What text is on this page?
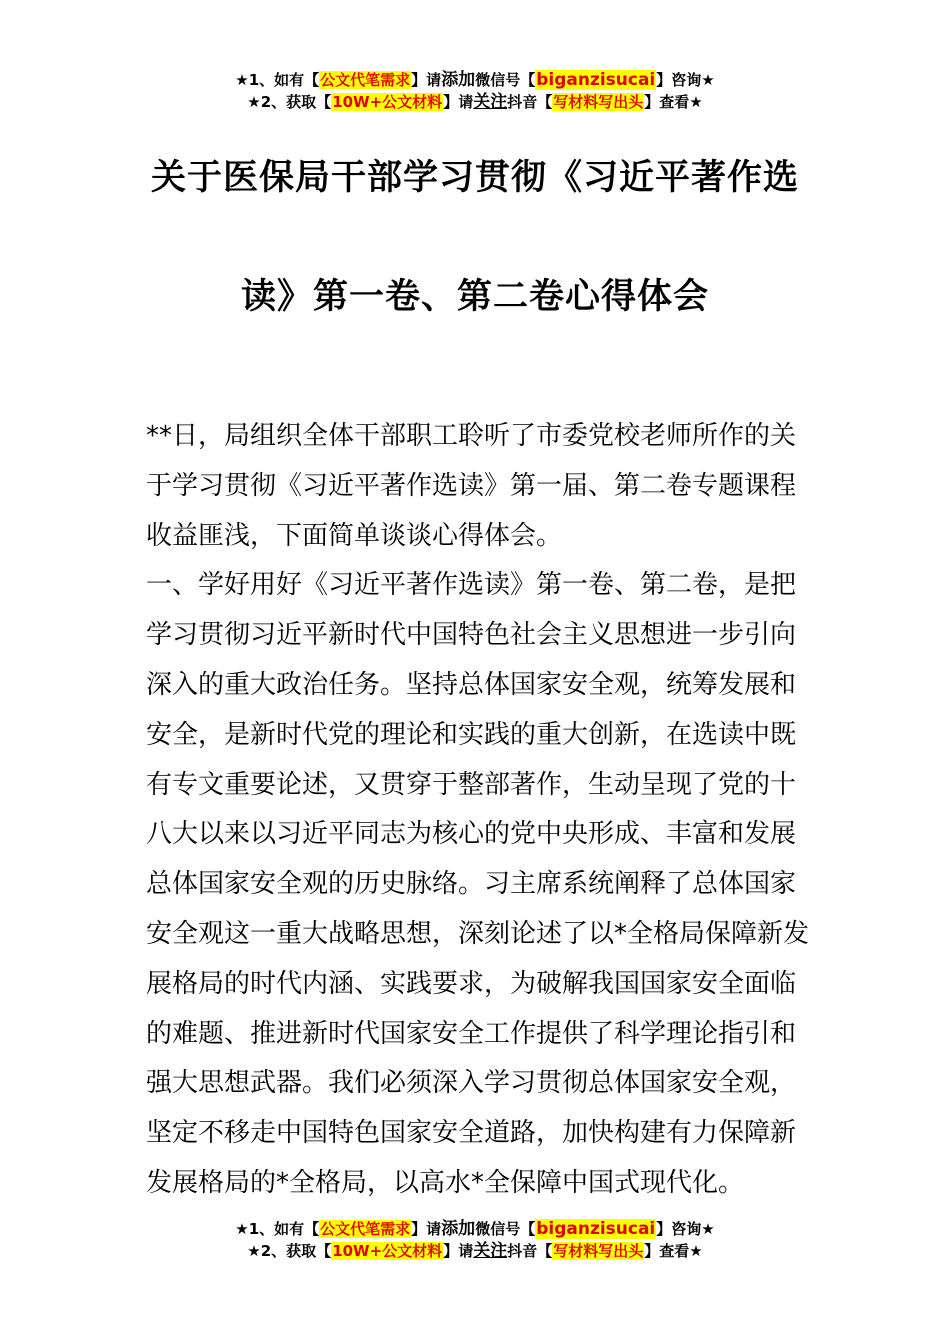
★1、如有【公文代笔需求】请添加微信号【biganzisucai】咨询★
★2、获取【10W+公文材料】请关注抖音【写材料写出头】查看★
关于医保局干部学习贯彻《习近平著作选
读》第一卷、第二卷心得体会

**日，局组织全体干部职工聆听了市委党校老师所作的关于学习贯彻《习近平著作选读》第一届、第二卷专题课程收益匪浅，下面简单谈谈心得体会。

一、学好用好《习近平著作选读》第一卷、第二卷，是把学习贯彻习近平新时代中国特色社会主义思想进一步引向深入的重大政治任务。坚持总体国家安全观，统筹发展和安全，是新时代党的理论和实践的重大创新，在选读中既有专文重要论述，又贯穿于整部著作，生动呈现了党的十八大以来以习近平同志为核心的党中央形成、丰富和发展总体国家安全观的历史脉络。习主席系统阐释了总体国家安全观这一重大战略思想，深刻论述了以*全格局保障新发展格局的时代内涵、实践要求，为破解我国国家安全面临的难题、推进新时代国家安全工作提供了科学理论指引和强大思想武器。我们必须深入学习贯彻总体国家安全观，坚定不移走中国特色国家安全道路，加快构建有力保障新发展格局的*全格局，以高水*全保障中国式现代化。

★1、如有【公文代笔需求】请添加微信号【biganzisucai】咨询★
★2、获取【10W+公文材料】请关注抖音【写材料写出头】查看★
